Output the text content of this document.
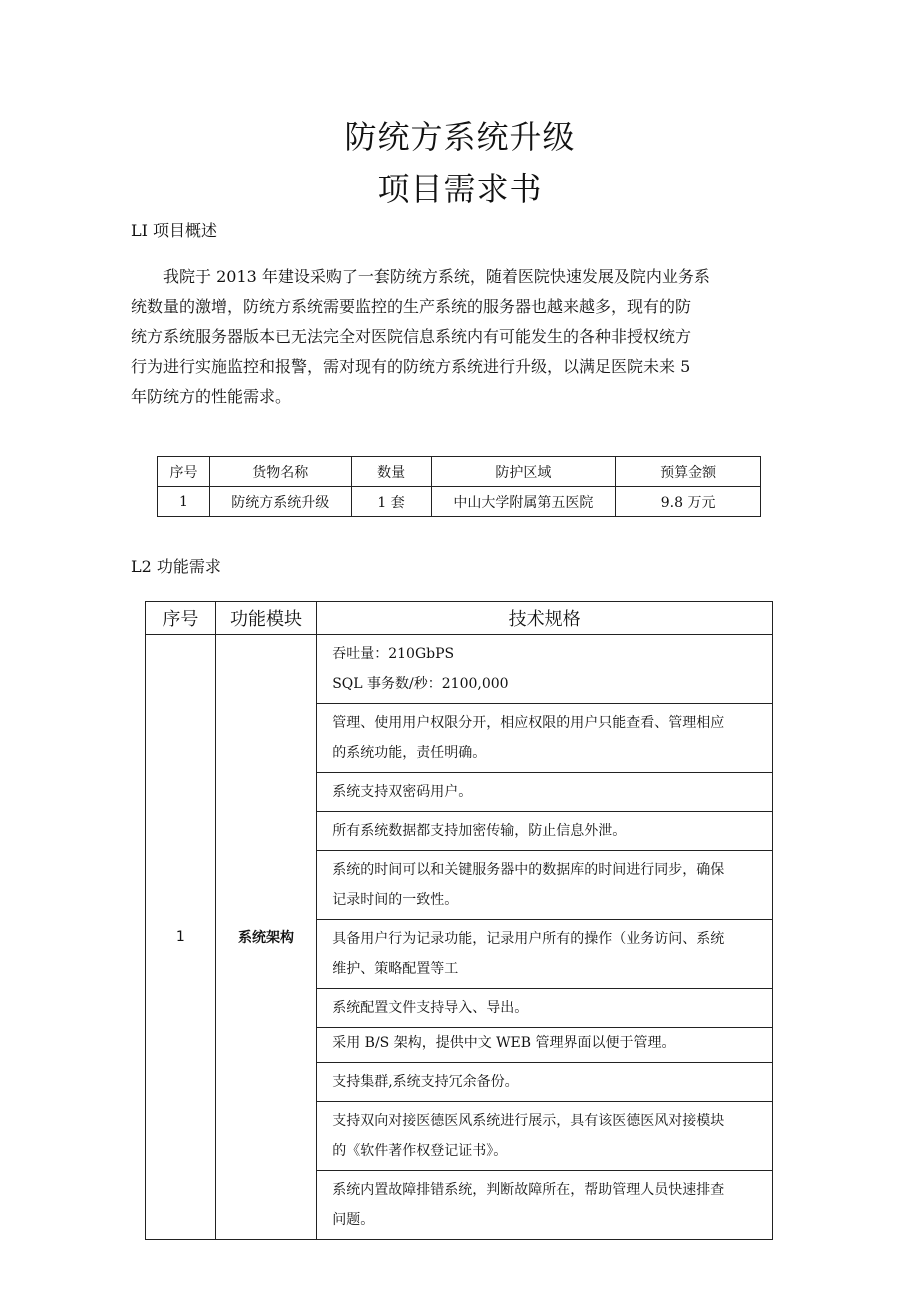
防统方系统升级
项目需求书
LI 项目概述
我院于 2013 年建设采购了一套防统方系统，随着医院快速发展及院内业务系
统数量的激增，防统方系统需要监控的生产系统的服务器也越来越多，现有的防
统方系统服务器版本已无法完全对医院信息系统内有可能发生的各种非授权统方
行为进行实施监控和报警，需对现有的防统方系统进行升级，以满足医院未来 5
年防统方的性能需求。
序号	货物名称	数量	防护区域	预算金额
1	防统方系统升级	1 套	中山大学附属第五医院	9.8 万元
L2 功能需求
序号	功能模块	技术规格
1	系统架构	吞吐量：210GbPS
SQL 事务数/秒：2100,000

		管理、使用用户权限分开，相应权限的用户只能查看、管理相应
的系统功能，责任明确。

		系统支持双密码用户。

		所有系统数据都支持加密传输，防止信息外泄。

		系统的时间可以和关键服务器中的数据库的时间进行同步，确保
记录时间的一致性。

		具备用户行为记录功能，记录用户所有的操作（业务访问、系统
维护、策略配置等工

		系统配置文件支持导入、导出。

		采用 B/S 架构，提供中文 WEB 管理界面以便于管理。

		支持集群,系统支持冗余备份。

		支持双向对接医德医风系统进行展示，具有该医德医风对接模块
的《软件著作权登记证书》。

		系统内置故障排错系统，判断故障所在，帮助管理人员快速排查
问题。
